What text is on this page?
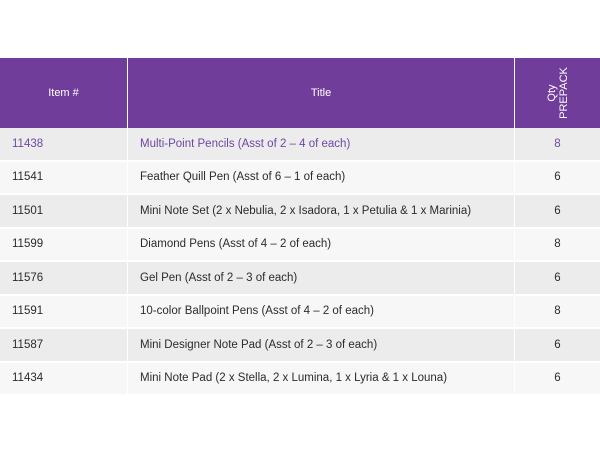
Item #	Title	Qty PREPACK

11438	Multi-Point Pencils (Asst of 2 – 4 of each)	8
11541	Feather Quill Pen (Asst of 6 – 1 of each)	6
11501	Mini Note Set (2 x Nebulia, 2 x Isadora, 1 x Petulia & 1 x Marinia)	6
11599	Diamond Pens (Asst of 4 – 2 of each)	8
11576	Gel Pen (Asst of 2 – 3 of each)	6
11591	10-color Ballpoint Pens (Asst of 4 – 2 of each)	8
11587	Mini Designer Note Pad (Asst of 2 – 3 of each)	6
11434	Mini Note Pad (2 x Stella, 2 x Lumina, 1 x Lyria & 1 x Louna)	6
